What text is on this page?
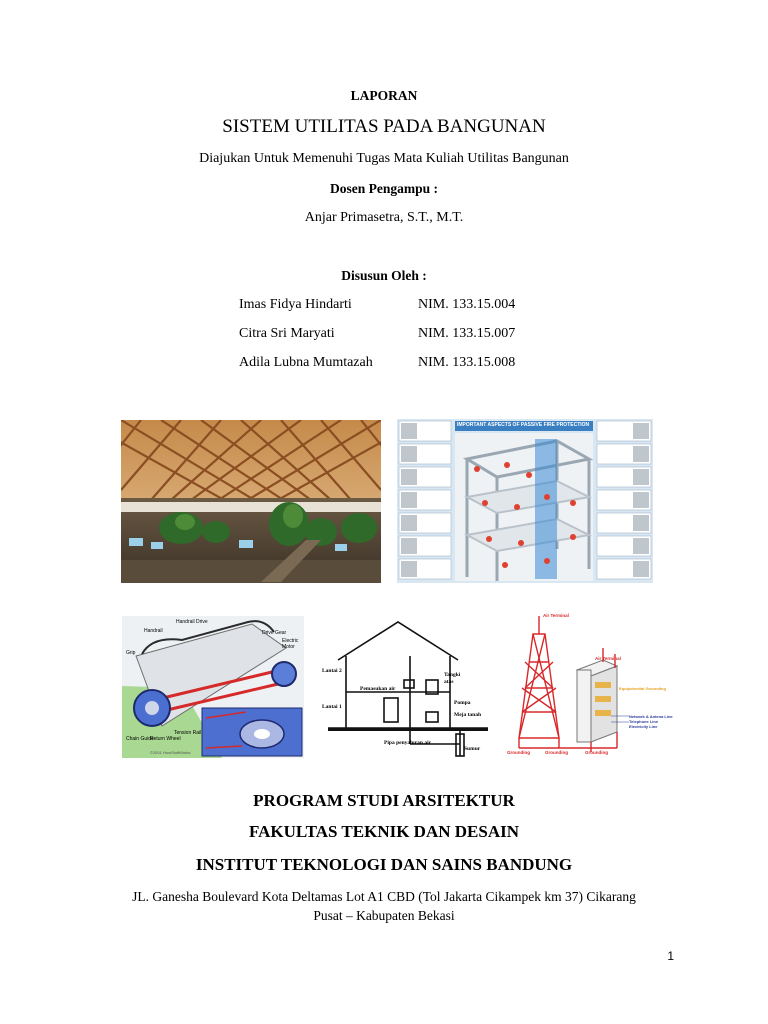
LAPORAN
SISTEM UTILITAS PADA BANGUNAN
Diajukan Untuk Memenuhi Tugas Mata Kuliah Utilitas Bangunan
Dosen Pengampu :
Anjar Primasetra, S.T., M.T.
Disusun Oleh :
Imas Fidya Hindarti	NIM. 133.15.004
Citra Sri Maryati	NIM. 133.15.007
Adila Lubna Mumtazah	NIM. 133.15.008
IMPORTANT ASPECTS OF PASSIVE FIRE PROTECTION
Handrail
Handrail Drive
Drive Gear
Electric Motor
Grip
Chain Guide
Return Wheel
Tension Rail
©2001 HowStuffWorks
Lantai 2
Lantai 1
Tangki
atas
Pemasukan air
Pompa
Meja tanah
Pipa penyaluran air
Sumur
Air Terminal
Air Terminal
Equipotential Grounding
Network & Antena Line
Telephone Line
Electricity Line
Grounding	Grounding	Grounding
PROGRAM STUDI ARSITEKTUR
FAKULTAS TEKNIK DAN DESAIN
INSTITUT TEKNOLOGI DAN SAINS BANDUNG
JL. Ganesha Boulevard Kota Deltamas Lot A1 CBD (Tol Jakarta Cikampek km 37) Cikarang
Pusat – Kabupaten Bekasi
1
